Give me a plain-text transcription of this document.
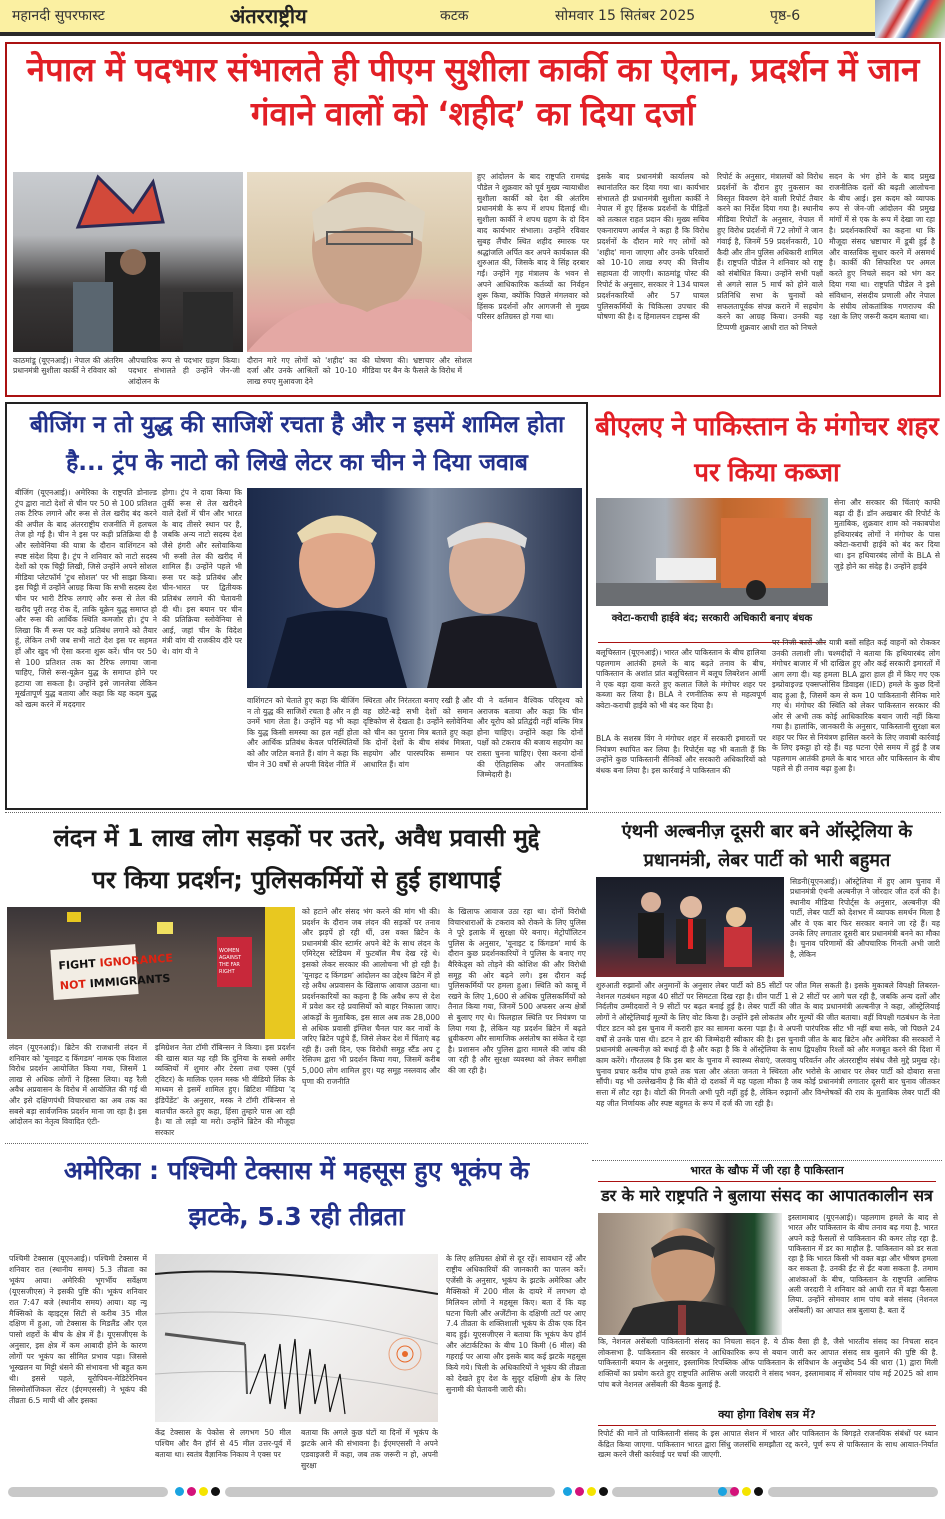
महानदी सुपरफास्ट	अंतरराष्ट्रीय	कटक	सोमवार 15 सितंबर 2025	पृष्ठ-6
नेपाल में पदभार संभालते ही पीएम सुशीला कार्की का ऐलान, प्रदर्शन में जान गंवाने वालों को ‘शहीद’ का दिया दर्जा
काठमांडू (यूएनआई)। नेपाल की अंतरिम प्रधानमंत्री सुशीला कार्की ने रविवार को
औपचारिक रूप से पदभार ग्रहण किया। पदभार संभालते ही उन्होंने जेन-जी आंदोलन के
दौरान मारे गए लोगों को 'शहीद' का दर्जा और उनके आश्रितों को 10-10 लाख रुपए मुआवजा देने
की घोषणा की। भ्रष्टाचार और सोशल मीडिया पर बैन के फैसले के विरोध में
हुए आंदोलन के बाद राष्ट्रपति रामचंद्र पौडेल ने शुक्रवार को पूर्व मुख्य न्यायाधीश सुशीला कार्की को देश की अंतरिम प्रधानमंत्री के रूप में शपथ दिलाई थी। सुशीला कार्की ने शपथ ग्रहण के दो दिन बाद कार्यभार संभाला। उन्होंने रविवार सुबह लैंचौर स्थित शहीद स्मारक पर श्रद्धांजलि अर्पित कर अपने कार्यकाल की शुरुआत की, जिसके बाद वे सिंह दरबार गईं। उन्होंने गृह मंत्रालय के भवन से अपने आधिकारिक कर्तव्यों का निर्वहन शुरू किया, क्योंकि पिछले मंगलवार को हिंसक प्रदर्शनों और आगजनी से मुख्य परिसर क्षतिग्रस्त हो गया था।
इसके बाद प्रधानमंत्री कार्यालय को स्थानांतरित कर दिया गया था। कार्यभार संभालते ही प्रधानमंत्री सुशीला कार्की ने नेपाल में हुए हिंसक प्रदर्शनों के पीड़ितों को तत्काल राहत प्रदान की। मुख्य सचिव एकनारायण आर्यल ने कहा है कि विरोध प्रदर्शनों के दौरान मारे गए लोगों को 'शहीद' माना जाएगा और उनके परिवारों को 10-10 लाख रुपए की वित्तीय सहायता दी जाएगी। काठमांडू पोस्ट की रिपोर्ट के अनुसार, सरकार ने 134 घायल प्रदर्शनकारियों और 57 घायल पुलिसकर्मियों के चिकित्सा उपचार की घोषणा की है। द हिमालयन टाइम्स की
रिपोर्ट के अनुसार, मंत्रालयों को विरोध प्रदर्शनों के दौरान हुए नुकसान का विस्तृत विवरण देने वाली रिपोर्ट तैयार करने का निर्देश दिया गया है। स्थानीय मीडिया रिपोर्टों के अनुसार, नेपाल में हुए विरोध प्रदर्शनों में 72 लोगों ने जान गंवाई है, जिनमें 59 प्रदर्शनकारी, 10 कैदी और तीन पुलिस अधिकारी शामिल हैं। राष्ट्रपति पौडेल ने शनिवार को राष्ट्र को संबोधित किया। उन्होंने सभी पक्षों से अगले साल 5 मार्च को होने वाले प्रतिनिधि सभा के चुनावों को सफलतापूर्वक संपन्न कराने में सहयोग करने का आग्रह किया। उनकी यह टिप्पणी शुक्रवार आधी रात को निचले
सदन के भंग होने के बाद प्रमुख राजनीतिक दलों की बढ़ती आलोचना के बीच आई। इस कदम को व्यापक रूप से जेन-जी आंदोलन की प्रमुख मांगों में से एक के रूप में देखा जा रहा है। प्रदर्शनकारियों का कहना था कि मौजूदा संसद भ्रष्टाचार में डूबी हुई है और वास्तविक सुधार करने में असमर्थ है। कार्की की सिफारिश पर अमल करते हुए निचले सदन को भंग कर दिया गया था। राष्ट्रपति पौडेल ने इसे संविधान, संसदीय प्रणाली और नेपाल के संघीय लोकतांत्रिक गणराज्य की रक्षा के लिए जरूरी कदम बताया था।
बीजिंग न तो युद्ध की साजिशें रचता है और न इसमें शामिल होता
है... ट्रंप के नाटो को लिखे लेटर का चीन ने दिया जवाब
बीजिंग (यूएनआई)। अमेरिका के राष्ट्रपति डोनाल्ड ट्रंप द्वारा नाटो देशों से चीन पर 50 से 100 प्रतिशत तक टैरिफ लगाने और रूस से तेल खरीद बंद करने की अपील के बाद अंतरराष्ट्रीय राजनीति में हलचल तेज हो गई है। चीन ने इस पर कड़ी प्रतिक्रिया दी है और स्लोवेनिया की यात्रा के दौरान वाशिंगटन को स्पष्ट संदेश दिया है। ट्रंप ने शनिवार को नाटो सदस्य देशों को एक चिट्ठी लिखी, जिसे उन्होंने अपने सोशल मीडिया प्लेटफॉर्म 'ट्रुथ सोशल' पर भी साझा किया। इस चिट्ठी में उन्होंने आग्रह किया कि सभी सदस्य देश चीन पर भारी टैरिफ लगाएं और रूस से तेल की खरीद पूरी तरह रोक दें, ताकि यूक्रेन युद्ध समाप्त हो और रूस की आर्थिक स्थिति कमजोर हो। ट्रंप ने लिखा कि मैं रूस पर कड़े प्रतिबंध लगाने को तैयार हूं, लेकिन तभी जब सभी नाटो देश इस पर सहमत हों और खुद भी ऐसा करना शुरू करें। चीन पर 50 से 100 प्रतिशत तक का टैरिफ लगाया जाना चाहिए, जिसे रूस-यूक्रेन युद्ध के समाप्त होने पर हटाया जा सकता है। उन्होंने इसे जानलेवा लेकिन मूर्खतापूर्ण युद्ध बताया और कहा कि यह कदम युद्ध को खत्म करने में मददगार
होगा। ट्रंप ने दावा किया कि तुर्की रूस से तेल खरीदने वाले देशों में चीन और भारत के बाद तीसरे स्थान पर है, जबकि अन्य नाटो सदस्य देश जैसे हंगरी और स्लोवाकिया भी रूसी तेल की खरीद में शामिल हैं। उन्होंने पहले भी रूस पर कड़े प्रतिबंध और चीन-भारत पर द्वितीयक प्रतिबंध लगाने की चेतावनी दी थी। इस बयान पर चीन की प्रतिक्रिया स्लोवेनिया से आई, जहां चीन के विदेश मंत्री वांग यी राजकीय दौरे पर थे। वांग यी ने
वाशिंगटन को चेताते हुए कहा कि बीजिंग न तो युद्ध की साजिशें रचता है और न ही उनमें भाग लेता है। उन्होंने यह भी कहा कि युद्ध किसी समस्या का हल नहीं होता और आर्थिक प्रतिबंध केवल परिस्थितियों को और जटिल बनाते हैं। वांग ने कहा कि चीन ने 30 वर्षों से अपनी विदेश नीति में
स्थिरता और निरंतरता बनाए रखी है और वह छोटे-बड़े सभी देशों को समान दृष्टिकोण से देखता है। उन्होंने स्लोवेनिया को चीन का पुराना मित्र बताते हुए कहा कि दोनों देशों के बीच संबंध मित्रता, सहयोग और पारस्परिक सम्मान पर आधारित हैं। वांग
यी ने वर्तमान वैश्विक परिदृश्य को अराजक बताया और कहा कि चीन और यूरोप को प्रतिद्वंदी नहीं बल्कि मित्र होना चाहिए। उन्होंने कहा कि दोनों पक्षों को टकराव की बजाय सहयोग का रास्ता चुनना चाहिए। ऐसा करना दोनों की ऐतिहासिक और जनतांत्रिक जिम्मेदारी है।
बीएलए ने पाकिस्तान के मंगोचर शहर पर किया कब्जा
क्वेटा-कराची हाईवे बंद; सरकारी अधिकारी बनाए बंधक
सेना और सरकार की चिंताएं काफी बढ़ा दी हैं। डॉन अखबार की रिपोर्ट के मुताबिक, शुक्रवार शाम को नकाबपोश हथियारबंद लोगों ने मंगोचर के पास क्वेटा-कराची हाईवे को बंद कर दिया था। इन हथियारबंद लोगों के BLA से जुड़े होने का संदेह है। उन्होंने हाईवे
बलूचिस्तान (यूएनआई)। भारत और पाकिस्तान के बीच हालिया पहलगाम आतंकी हमले के बाद बढ़ते तनाव के बीच, पाकिस्तान के अशांत प्रांत बलूचिस्तान में बलूच लिबरेशन आर्मी ने एक बड़ा दावा करते हुए कलात जिले के मंगोचर शहर पर कब्जा कर लिया है। BLA ने रणनीतिक रूप से महत्वपूर्ण क्वेटा-कराची हाईवे को भी बंद कर दिया है।
BLA के सशस्त्र विंग ने मंगोचर शहर में सरकारी इमारतों पर नियंत्रण स्थापित कर लिया है। रिपोर्ट्स यह भी बताती हैं कि उन्होंने कुछ पाकिस्तानी सैनिकों और सरकारी अधिकारियों को बंधक बना लिया है। इस कार्रवाई ने पाकिस्तान की
पर निजी कारों और यात्री बसों सहित कई वाहनों को रोककर उनकी तलाशी ली। चश्मदीदों ने बताया कि हथियारबंद लोग मंगोचर बाजार में भी दाखिल हुए और कई सरकारी इमारतों में आग लगा दी। यह हमला BLA द्वारा हाल ही में किए गए एक इम्प्रोवाइज्ड एक्सप्लोसिव डिवाइस (IED) हमले के कुछ दिनों बाद हुआ है, जिसमें कम से कम 10 पाकिस्तानी सैनिक मारे गए थे। मंगोचर की स्थिति को लेकर पाकिस्तान सरकार की ओर से अभी तक कोई आधिकारिक बयान जारी नहीं किया गया है। हालांकि, जानकारी के अनुसार, पाकिस्तानी सुरक्षा बल शहर पर फिर से नियंत्रण हासिल करने के लिए जवाबी कार्रवाई के लिए इकट्ठा हो रहे हैं। यह घटना ऐसे समय में हुई है जब पहलगाम आतंकी हमले के बाद भारत और पाकिस्तान के बीच पहले से ही तनाव बढ़ा हुआ है।
लंदन में 1 लाख लोग सड़कों पर उतरे, अवैध प्रवासी मुद्दे
पर किया प्रदर्शन; पुलिसकर्मियों से हुई हाथापाई
FIGHT IGNORANCE
NOT IMMIGRANTS
WOMEN
AGAINST
THE FAR
RIGHT
लंदन (यूएनआई)। ब्रिटेन की राजधानी लंदन में शनिवार को 'यूनाइट द किंगडम' नामक एक विशाल विरोध प्रदर्शन आयोजित किया गया, जिसमें 1 लाख से अधिक लोगों ने हिस्सा लिया। यह रैली अवैध अप्रवासन के विरोध में आयोजित की गई थी और इसे दक्षिणपंथी विचारधारा का अब तक का सबसे बड़ा सार्वजनिक प्रदर्शन माना जा रहा है। इस आंदोलन का नेतृत्व विवादित एंटी-
इमिग्रेशन नेता टॉमी रॉबिन्सन ने किया। इस प्रदर्शन की खास बात यह रही कि दुनिया के सबसे अमीर व्यक्तियों में शुमार और टेस्ला तथा एक्स (पूर्व ट्विटर) के मालिक एलन मस्क भी वीडियो लिंक के माध्यम से इसमें शामिल हुए। ब्रिटिश मीडिया 'द इंडिपेंडेंट' के अनुसार, मस्क ने टॉमी रॉबिन्सन से बातचीत करते हुए कहा, हिंसा तुम्हारे पास आ रही है। या तो लड़ो या मरो। उन्होंने ब्रिटेन की मौजूदा सरकार
को हटाने और संसद भंग करने की मांग भी की। प्रदर्शन के दौरान जब लंदन की सड़कों पर तनाव और झड़पें हो रही थीं, उस वक्त ब्रिटेन के प्रधानमंत्री कीर स्टार्मर अपने बेटे के साथ लंदन के एमिरेट्स स्टेडियम में फुटबॉल मैच देख रहे थे। इसको लेकर सरकार की आलोचना भी हो रही है। 'यूनाइट द किंगडम' आंदोलन का उद्देश्य ब्रिटेन में हो रहे अवैध अप्रवासन के खिलाफ आवाज उठाना था। प्रदर्शनकारियों का कहना है कि अवैध रूप से देश में प्रवेश कर रहे प्रवासियों को बाहर निकाला जाए। आंकड़ों के मुताबिक, इस साल अब तक 28,000 से अधिक प्रवासी इंग्लिश चैनल पार कर नावों के जरिए ब्रिटेन पहुंचे हैं, जिसे लेकर देश में चिंताएं बढ़ रही हैं। उसी दिन, एक विरोधी समूह स्टैंड अप टू रेसिज्म द्वारा भी प्रदर्शन किया गया, जिसमें करीब 5,000 लोग शामिल हुए। यह समूह नस्लवाद और घृणा की राजनीति
के खिलाफ आवाज उठा रहा था। दोनों विरोधी विचारधाराओं के टकराव को रोकने के लिए पुलिस ने पूरे इलाके में सुरक्षा घेरे बनाए। मेट्रोपॉलिटन पुलिस के अनुसार, 'यूनाइट द किंगडम' मार्च के दौरान कुछ प्रदर्शनकारियों ने पुलिस के बनाए गए बैरिकेड्स को तोड़ने की कोशिश की और विरोधी समूह की ओर बढ़ने लगे। इस दौरान कई पुलिसकर्मियों पर हमला हुआ। स्थिति को काबू में रखने के लिए 1,600 से अधिक पुलिसकर्मियों को तैनात किया गया, जिनमें 500 अफसर अन्य क्षेत्रों से बुलाए गए थे। फिलहाल स्थिति पर नियंत्रण पा लिया गया है, लेकिन यह प्रदर्शन ब्रिटेन में बढ़ते ध्रुवीकरण और सामाजिक असंतोष का संकेत दे रहा है। प्रशासन और पुलिस द्वारा मामले की जांच की जा रही है और सुरक्षा व्यवस्था को लेकर समीक्षा की जा रही है।
एंथनी अल्बनीज़ दूसरी बार बने ऑस्ट्रेलिया के प्रधानमंत्री, लेबर पार्टी को भारी बहुमत
सिडनी(यूएनआई)। ऑस्ट्रेलिया में हुए आम चुनाव में प्रधानमंत्री एंथनी अल्बनीज़ ने जोरदार जीत दर्ज की है। स्थानीय मीडिया रिपोर्ट्स के अनुसार, अल्बनीज़ की पार्टी, लेबर पार्टी को देशभर में व्यापक समर्थन मिला है और वे एक बार फिर सरकार बनाने जा रहे हैं। यह उनके लिए लगातार दूसरी बार प्रधानमंत्री बनने का मौका है। चुनाव परिणामों की औपचारिक गिनती अभी जारी है, लेकिन
शुरुआती रुझानों और अनुमानों के अनुसार लेबर पार्टी को 85 सीटों पर जीत मिल सकती है। इसके मुकाबले विपक्षी लिबरल-नेशनल गठबंधन महज 40 सीटों पर सिमटता दिख रहा है। ग्रीन पार्टी 1 से 2 सीटों पर आगे चल रही है, जबकि अन्य दलों और निर्दलीय उम्मीदवारों ने 9 सीटों पर बढ़त बनाई हुई है। लेबर पार्टी की जीत के बाद प्रधानमंत्री अल्बनीज़ ने कहा, ऑस्ट्रेलियाई लोगों ने ऑस्ट्रेलियाई मूल्यों के लिए वोट किया है। उन्होंने इसे लोकतंत्र और मूल्यों की जीत बताया। वहीं विपक्षी गठबंधन के नेता पीटर डटन को इस चुनाव में करारी हार का सामना करना पड़ा है। वे अपनी पारंपरिक सीट भी नहीं बचा सके, जो पिछले 24 वर्षों से उनके पास थी। डटन ने हार की जिम्मेदारी स्वीकार की है। इस चुनावी जीत के बाद ब्रिटेन और अमेरिका की सरकारों ने प्रधानमंत्री अल्बनीज़ को बधाई दी है और कहा है कि वे ऑस्ट्रेलिया के साथ द्विपक्षीय रिश्तों को और मजबूत करने की दिशा में काम करेंगे। गौरतलब है कि इस बार के चुनाव में स्वास्थ्य सेवाएं, जलवायु परिवर्तन और अंतरराष्ट्रीय संबंध जैसे मुद्दे प्रमुख रहे। चुनाव प्रचार करीब पांच हफ्ते तक चला और अंततः जनता ने स्थिरता और भरोसे के आधार पर लेबर पार्टी को दोबारा सत्ता सौंपी। यह भी उल्लेखनीय है कि बीते दो दशकों में यह पहला मौका है जब कोई प्रधानमंत्री लगातार दूसरी बार चुनाव जीतकर सत्ता में लौट रहा है। वोटों की गिनती अभी पूरी नहीं हुई है, लेकिन रुझानों और विश्लेषकों की राय के मुताबिक लेबर पार्टी की यह जीत निर्णायक और स्पष्ट बहुमत के रूप में दर्ज की जा रही है।
अमेरिका : पश्चिमी टेक्सास में महसूस हुए भूकंप के
झटके, 5.3 रही तीव्रता
पश्चिमी टेक्सास (यूएनआई)। पश्चिमी टेक्सास में शनिवार रात (स्थानीय समय) 5.3 तीव्रता का भूकंप आया। अमेरिकी भूगर्भीय सर्वेक्षण (यूएसजीएस) ने इसकी पुष्टि की। भूकंप शनिवार रात 7:47 बजे (स्थानीय समय) आया। यह न्यू मैक्सिको के व्हाइट्स सिटी से करीब 35 मील दक्षिण में हुआ, जो टेक्सास के मिडलैंड और एल पासो शहरों के बीच के क्षेत्र में है। यूएसजीएस के अनुसार, इस क्षेत्र में कम आबादी होने के कारण लोगों पर भूकंप का सीमित प्रभाव पड़ा। जिससे भूस्खलन या मिट्टी धंसने की संभावना भी बहुत कम थी। इससे पहले, यूरोपियन-मेडिटेरेनियन सिस्मोलॉजिकल सेंटर (ईएमएससी) ने भूकंप की तीव्रता 6.5 मापी थी और इसका
केंद्र टेक्सास के पेकोस से लगभग 50 मील पश्चिम और वैन हॉर्न से 45 मील उत्तर-पूर्व में बताया था। स्वतंत्र वैज्ञानिक निकाय ने एक्स पर
बताया कि अगले कुछ घंटों या दिनों में भूकंप के झटके आने की संभावना है। ईएमएससी ने अपने एडवाइजरी में कहा, जब तक जरूरी न हो, अपनी सुरक्षा
के लिए क्षतिग्रस्त क्षेत्रों से दूर रहें। सावधान रहें और राष्ट्रीय अधिकारियों की जानकारी का पालन करें। एजेंसी के अनुसार, भूकंप के झटके अमेरिका और मैक्सिको में 200 मील के दायरे में लगभग दो मिलियन लोगों ने महसूस किए। बता दें कि यह घटना चिली और अर्जेंटीना के दक्षिणी तटों पर आए 7.4 तीव्रता के शक्तिशाली भूकंप के ठीक एक दिन बाद हुई। यूएसजीएस ने बताया कि भूकंप केप हॉर्न और अंटार्कटिका के बीच 10 किमी (6 मील) की गहराई पर आया और इसके बाद कई झटके महसूस किये गये। चिली के अधिकारियों ने भूकंप की तीव्रता को देखते हुए देश के सुदूर दक्षिणी क्षेत्र के लिए सुनामी की चेतावनी जारी की।
भारत के खौफ में जी रहा है पाकिस्तान
डर के मारे राष्ट्रपति ने बुलाया संसद का आपातकालीन सत्र
इस्लामाबाद (यूएनआई)। पहलगाम हमले के बाद से भारत और पाकिस्तान के बीच तनाव बढ़ गया है. भारत अपने कड़े फैसलों से पाकिस्तान की कमर तोड़ रहा है. पाकिस्तान में डर का माहौल है. पाकिस्तान को डर सता रहा है कि भारत किसी भी वक्त बड़ा और भीषण हमला कर सकता है. उनकी ईंट से ईंट बजा सकता है. तमाम आशंकाओं के बीच, पाकिस्तान के राष्ट्रपति आसिफ अली जरदारी ने शनिवार को आधी रात में बड़ा फैसला लिया. उन्होंने सोमवार शाम पांच बजे संसद (नेशनल असेंबली) का आपात सत्र बुलाया है. बता दें
कि, नेशनल असेंबली पाकिस्तानी संसद का निचला सदन है. ये ठीक वैसा ही है, जैसे भारतीय संसद का निचला सदन लोकसभा है. पाकिस्तान की सरकार ने आधिकारिक रूप से बयान जारी कर आपात संसद सत्र बुलाने की पुष्टि की है. पाकिस्तानी बयान के अनुसार, इस्लामिक रिपब्लिक ऑफ पाकिस्तान के संविधान के अनुच्छेद 54 की धारा (1) द्वारा मिली शक्तियों का प्रयोग करते हुए राष्ट्रपति आसिफ अली जरदारी ने संसद भवन, इस्लामाबाद में सोमवार पांच मई 2025 को शाम पांच बजे नेशनल असेंबली की बैठक बुलाई है.
क्या होगा विशेष सत्र में?
रिपोर्ट की मानें तो पाकिस्तानी संसद के इस आपात सेशन में भारत और पाकिस्तान के बिगड़ते राजनयिक संबंधों पर ध्यान केंद्रित किया जाएगा. पाकिस्तान भारत द्वारा सिंधु जलसंधि समझौता रद्द करने, पूर्ण रूप से पाकिस्तान के साथ आयात-निर्यात खत्म करने जैसी कार्रवाई पर चर्चा की जाएगी.
